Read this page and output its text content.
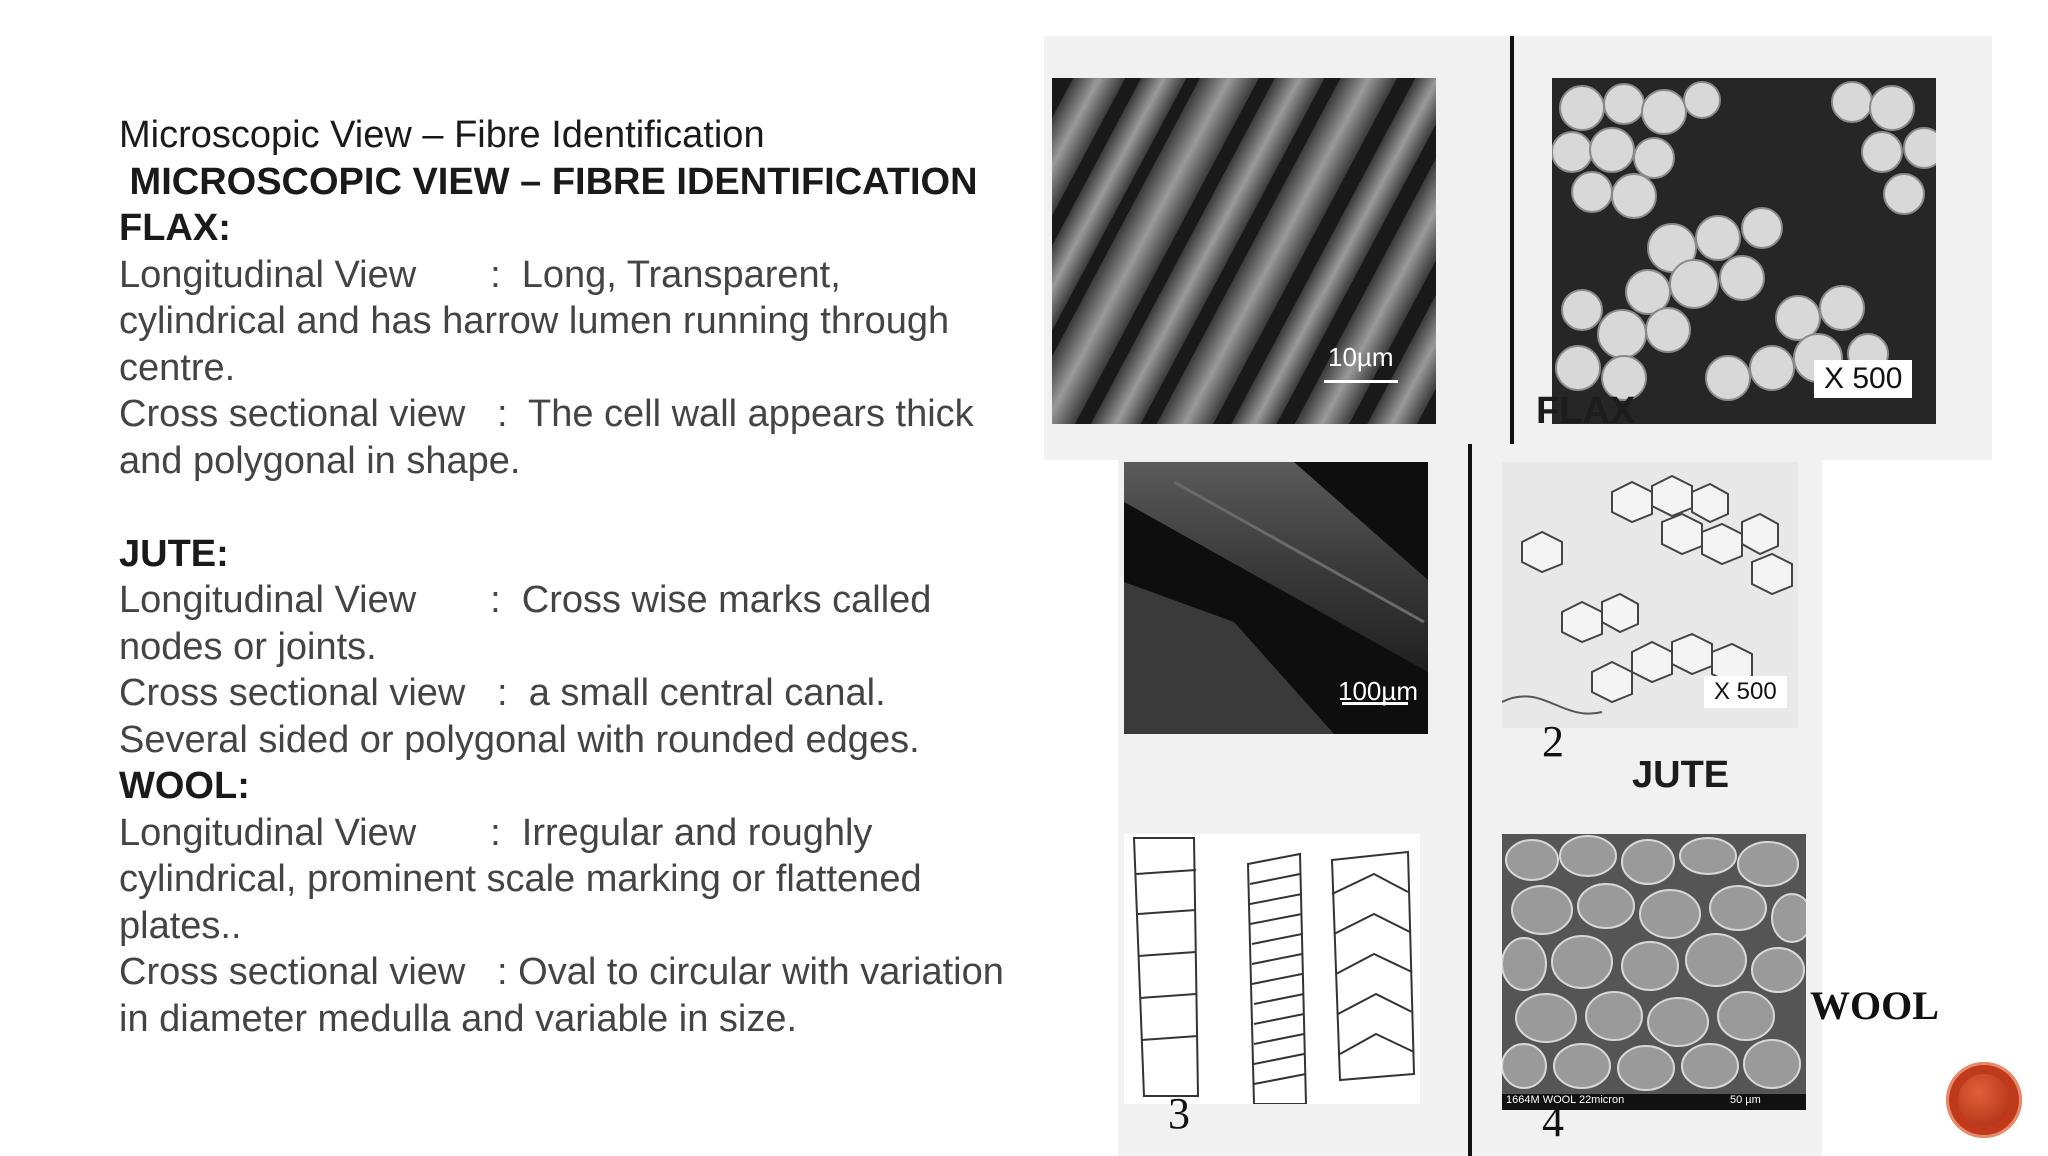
Microscopic View – Fibre Identification
MICROSCOPIC VIEW – FIBRE IDENTIFICATION
FLAX:
Longitudinal View       :  Long, Transparent,
cylindrical and has harrow lumen running through
centre.
Cross sectional view   :  The cell wall appears thick
and polygonal in shape.

JUTE:
Longitudinal View       :  Cross wise marks called
nodes or joints.
Cross sectional view   :  a small central canal.
Several sided or polygonal with rounded edges.
WOOL:
Longitudinal View       :  Irregular and roughly
cylindrical, prominent scale marking or flattened
plates..
Cross sectional view   : Oval to circular with variation
in diameter medulla and variable in size.
10µm
X 500
FLAX
100µm	X 500
2
JUTE
3	1664M WOOL 22micron	50 µm
4
WOOL
